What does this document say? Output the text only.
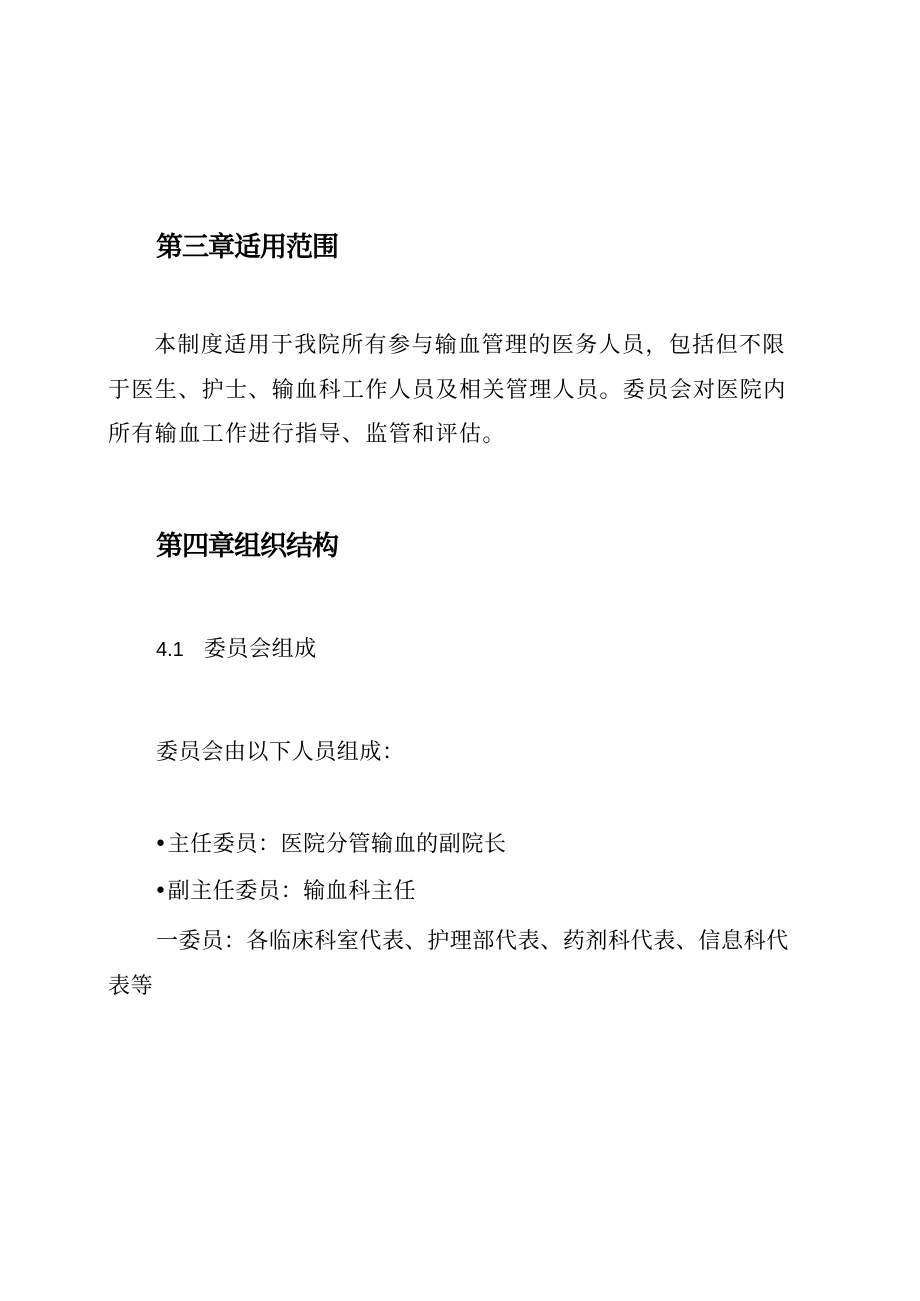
第三章适用范围
本制度适用于我院所有参与输血管理的医务人员，包括但不限于医生、护士、输血科工作人员及相关管理人员。委员会对医院内所有输血工作进行指导、监管和评估。
第四章组织结构
4.1 委员会组成
委员会由以下人员组成：
•主任委员：医院分管输血的副院长
•副主任委员：输血科主任
一委员：各临床科室代表、护理部代表、药剂科代表、信息科代
表等
